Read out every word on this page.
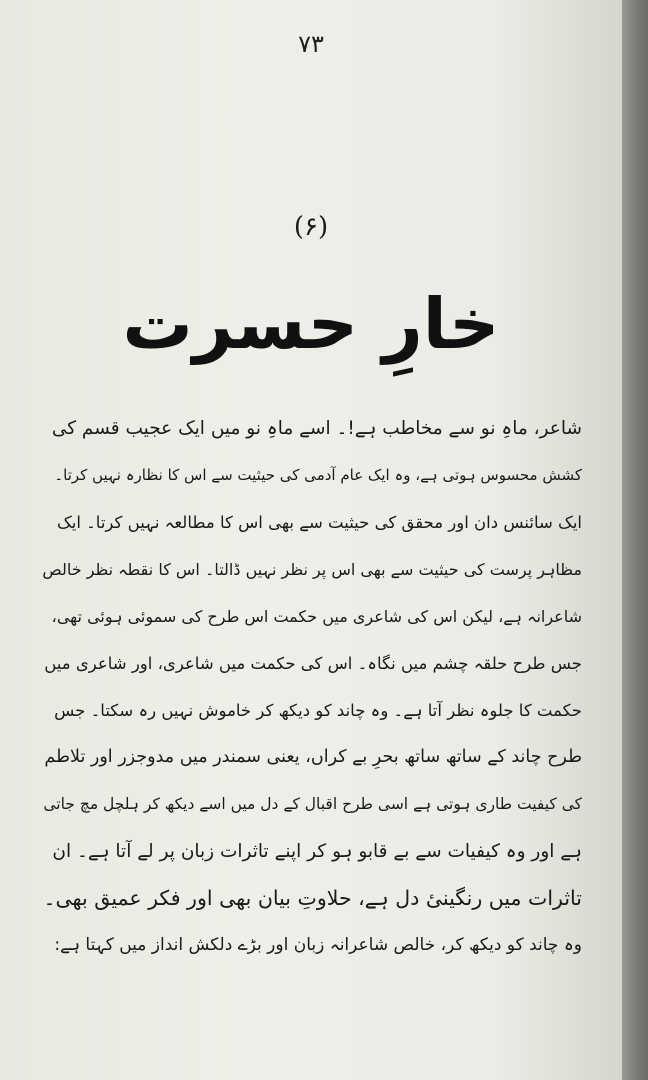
۷۳
(۶)
خارِ حسرت
شاعر، ماہِ نو سے مخاطب ہے!۔ اسے ماہِ نو میں ایک عجیب قسم کی
کشش محسوس ہوتی ہے، وہ ایک عام آدمی کی حیثیت سے اس کا نظارہ نہیں کرتا۔
ایک سائنس دان اور محقق کی حیثیت سے بھی اس کا مطالعہ نہیں کرتا۔ ایک
مظاہر پرست کی حیثیت سے بھی اس پر نظر نہیں ڈالتا۔ اس کا نقطہ نظر خالص
شاعرانہ ہے، لیکن اس کی شاعری میں حکمت اس طرح کی سموئی ہوئی تھی،
جس طرح حلقہ چشم میں نگاہ۔ اس کی حکمت میں شاعری، اور شاعری میں
حکمت کا جلوہ نظر آتا ہے۔ وہ چاند کو دیکھ کر خاموش نہیں رہ سکتا۔ جس
طرح چاند کے ساتھ ساتھ بحرِ بے کراں، یعنی سمندر میں مدوجزر اور تلاطم
کی کیفیت طاری ہوتی ہے اسی طرح اقبال کے دل میں اسے دیکھ کر ہلچل مچ جاتی
ہے اور وہ کیفیات سے بے قابو ہو کر اپنے تاثرات زبان پر لے آتا ہے۔ ان
تاثرات میں رنگینیٔ دل ہے، حلاوتِ بیان بھی اور فکر عمیق بھی۔
وہ چاند کو دیکھ کر، خالص شاعرانہ زبان اور بڑے دلکش انداز میں کہتا ہے:
